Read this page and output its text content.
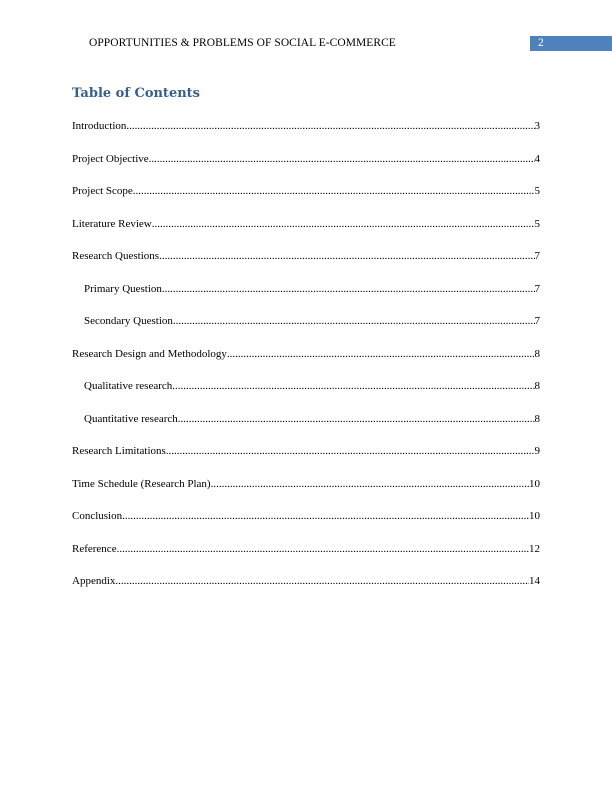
OPPORTUNITIES & PROBLEMS OF SOCIAL E-COMMERCE	2
Table of Contents
Introduction .....	3
Project Objective .....	4
Project Scope .....	5
Literature Review .....	5
Research Questions .....	7
Primary Question .....	7
Secondary Question .....	7
Research Design and Methodology .....	8
Qualitative research .....	8
Quantitative research .....	8
Research Limitations .....	9
Time Schedule (Research Plan) .....	10
Conclusion .....	10
Reference .....	12
Appendix .....	14
